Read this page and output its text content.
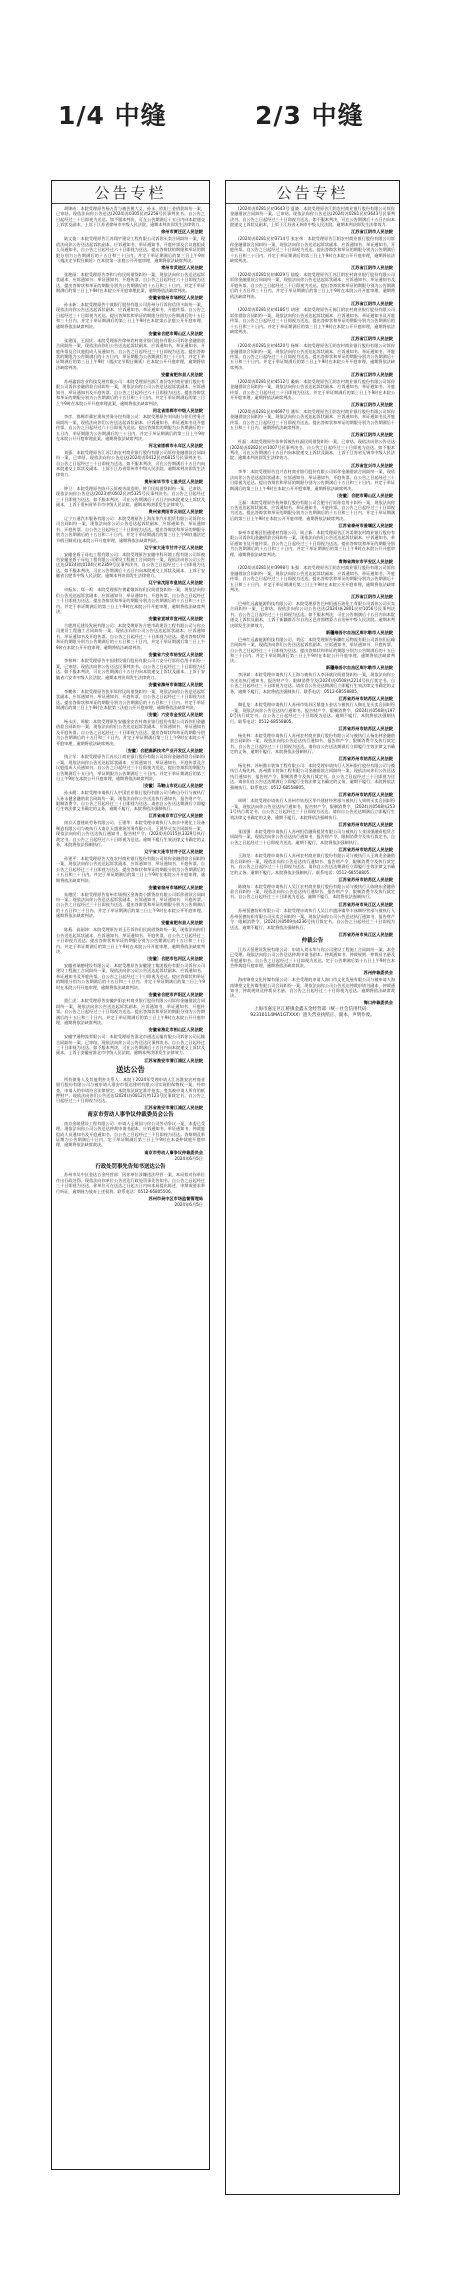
1/4 中缝	2/3 中缝
公告专栏

胡锦成：本院受理原告杨万青与被告黄大义、孙永、欧阳三金借款纠纷一案，已审结。现依法向你公告送达(2024)苏0305民初2258号民事判决书。自公告之日起经过三十日即视为送达。如不服本判决，可在公告期满后十五日内向本院递交上诉状及副本，上诉于江苏省徐州市中级人民法院。逾期本判决即发生法律效力。

徐州市贾汪区人民法院

陆文俊：本院受理原告江苏翔宇建设工程有限公司诉你买卖合同纠纷一案，现依法向你公告送达起诉状副本、应诉通知书、举证通知书、开庭传票及合议庭组成人员通知书。自公告之日起经过六十日即视为送达。提出答辩状的期限和举证的期限分别为公告期满后的十五日和三十日内。并定于举证期满后的第三日上午9时（遇法定节假日顺延）在本院第一法庭公开开庭审理，逾期将依法缺席判决。

常州市武进区人民法院

张艳丽：本院受理原告李和与你民间借贷纠纷一案，现依法向你公告送达起诉状副本、应诉通知书、举证通知书、开庭传票。自公告之日起经过六十日即视为送达。提出答辩状和举证的期限分别为公告期满后的十五日和三十日内。并定于举证期满后的第三日上午9时在本院公开开庭审理此案，逾期将依法缺席判决。

安徽省宿州市埇桥区人民法院

孙永新：本院受理原告宁波银行股份有限公司苏州分行诉你信用卡纠纷一案，现依法向你公告送达起诉状副本、应诉通知书、举证通知书、开庭传票。自公告之日起经过三十日即视为送达。提出答辩状和举证的期限分别为公告期满后的十五日和三十日内。并定于举证期满后的第三日上午9时在本院第五法庭公开开庭审理，逾期将依法缺席判决。

安徽省合肥市蜀山区人民法院

张建国、王国庆：本院受理原告徐州农村商业银行股份有限公司诉你金融借款合同纠纷一案，现依法向你们公告送达起诉状副本、应诉通知书、举证通知书、开庭传票及合议庭组成人员通知书。自公告之日起经过三十日即视为送达。提出答辩状的期限为公告期满后的十五日内，举证期限为公告期满后的三十日内，并定于举证期满后的第三日上午9时（遇法定节假日顺延）在本院公开开庭审理，逾期将依法缺席判决。

安徽省肥东县人民法院

苏州鑫润农业科技发展有限公司：本院受理原告浙江南浔农村商业银行股份有限公司诉你金融借款合同纠纷一案，现依法向你公司公告送达起诉状副本、应诉通知书、举证通知书及开庭传票。自公告之日起经过六十日即视为送达。提出答辩状和举证的期限分别为公告期满后的十五日和三十日内。并定于举证期满后的第三日上午9时在本院公开开庭审理此案，逾期将依法缺席判决。

河北省邯郸市中级人民法院

李彦、邯郸市冀宏建筑劳务分包有限公司：本院受理原告刘凤阳与你们劳务合同纠纷一案，现依法向你们公告送达起诉状副本、应诉通知书、举证通知书及开庭传票。自公告之日起经过六十日即视为送达。提出答辩状的期限为公告期满后的十五日内，举证期限为公告期满后的三十日内。并定于举证期满后的第三日上午9时在本院公开开庭审理此案，逾期将依法缺席判决。

河北省邯郸市永年区人民法院

刘强：本院受理原告江苏江南农村商业银行股份有限公司诉你金融借款合同纠纷一案，已审结。现依法向你公告送达(2024)苏0412民初6815号民事判决书。自公告之日起经过三十日即视为送达。如不服本判决，可在公告期满后十五日内向本院递交上诉状及副本，上诉于江苏省常州市中级人民法院。逾期本判决即发生法律效力。

贵州省毕节市七星关区人民法院

钟卫：本院受理原告陈开云诉被告高浩明、钟卫民间借贷纠纷一案，已审结。现依法向你公告送达(2023)黔0502民初5325号民事判决书。自公告之日起经过三十日即视为送达。如不服本判决，可在公告期满后十五日内向本院递交上诉状及副本，上诉于贵州省毕节市中级人民法院。逾期本判决即发生法律效力。

贵州省贵阳市云岩区人民法院

辽宁万通汽车服务有限公司：本院受理原告上海东华汽车租赁有限公司诉你公司合同纠纷一案，现依法向你公司公告送达起诉状副本、应诉通知书、举证通知书、开庭传票。自公告之日起经过三十日即视为送达。提出答辩状和举证的期限分别为公告期满后的十五日和二十日内。并定于举证期满后的第三日上午9时(遇法定节假日顺延)在本院公开开庭审理，逾期将依法缺席判决。

辽宁省大连市甘井子区人民法院

安徽金盾子母电工程有限公司：本院受理原告安徽中科环境工程有限公司诉被告安徽金盾子母电工程有限公司建设工程施工合同纠纷一案，现依法向你公司公告送达(2024)皖0104民初2359号民事判决书。自公告之日起经过三十日即视为送达。如不服本判决，可在公告期满后十五日内向本院递交上诉状及副本，上诉于安徽省合肥市中级人民法院。逾期本判决即发生法律效力。

辽宁省沈阳市皇姑区人民法院

卓振东、郑一鸣：本院受理原告黄素娥诉你们民间借贷纠纷一案，现依法向你们公告送达起诉状副本、应诉通知书、举证通知书、开庭传票。自公告之日起经过三十日即视为送达。提出答辩状和举证的期限分别为公告期满后的十五日和三十日内。并定于举证期满后的第三日上午9时在本院公开开庭审理，逾期将依法缺席判决。

安徽省宣城市宣州区人民法院

合肥鸿运建设发展有限公司：本院受理原告合肥市政建设工程有限公司与你公司建设工程施工合同纠纷一案，现依法向你公司公告送达起诉状副本、应诉通知书、举证通知书及开庭传票。自公告之日起经过三十日即视为送达。提出答辩状和举证的期限分别为公告期满后的十五日和三十日内，并定于举证期满后第三日上午9时在本院公开开庭审理，逾期将依法缺席判决。

安徽省六安市裕安区人民法院

李春林：本院受理原告中国建设银行股份有限公司六安分行诉你信用卡纠纷一案，已审结。现依法向你公告送达民事判决书。自公告之日起经过三十日即视为送达。如不服本判决，可在公告期满后十五日内向本院递交上诉状及副本，上诉于安徽省六安市中级人民法院。逾期本判决即发生法律效力。

安徽省滁州市南谯区人民法院

李鹏伟：本院受理原告张军诉你民间借贷纠纷一案，现依法向你公告送达起诉状副本、应诉通知书、举证通知书、开庭传票。自公告之日起经过三十日即视为送达。提出答辩状和举证的期限分别为公告期满后的十五日和三十日内。并定于举证期满后的第三日上午9时在本院第三法庭公开开庭审理，逾期将依法缺席判决。

〔安徽〕六安市金安区人民法院

杨永庆、周敏：本院受理原告安徽金安农村商业银行股份有限公司诉你们金融借款合同纠纷一案，现依法向你们公告送达起诉状副本、应诉通知书、举证通知书及开庭传票。自公告之日起经过三十日即视为送达。提出答辩状和举证的期限分别为公告期满后的十五日和三十日内。并定于举证期满后第三日上午9时在本院公开开庭审理，逾期将依法缺席判决。

〔安徽〕合肥高新技术产业开发区人民法院

钱立军：本院受理原告江苏长江商业银行股份有限公司诉你金融借款合同纠纷一案，现依法向你公告送达起诉状副本、应诉通知书、举证通知书、开庭传票及合议庭组成人员通知书。自公告之日起经过三十日即视为送达。提出答辩状的期限为公告期满后十五日内，举证期限为公告期满后三十日内。并定于举证期满后的第三日上午9时在本院公开开庭审理，逾期将依法缺席判决。

〔安徽〕马鞍山市花山区人民法院

孙永健：本院受理申请执行人中国农业银行股份有限公司马鞍山分行与被执行人孙永健金融借款合同纠纷一案，现依法向你公告送达执行通知书、报告财产令、限制消费令。自公告之日起经过三十日即视为送达。请你自公告送达期满后立即履行生效法律文书确定的义务，逾期不履行，本院将依法强制执行。

江苏省南京市江宁区人民法院

南京天盛建筑劳务有限公司、王建华：本院受理申请执行人南京中建化工设备制造有限公司与被执行人南京天盛建筑劳务有限公司、王建华买卖合同纠纷一案，现依法向你们公告送达执行通知书、报告财产令、(2024)苏0115执3329号执行裁定书。自公告之日起经过六十日即视为送达。逾期不履行生效法律文书确定的义务，本院将依法强制执行。

辽宁省大连市甘井子区人民法院

孙建平：本院受理原告大连农村商业银行股份有限公司诉你金融借款合同纠纷一案，现依法向你公告送达起诉状副本、应诉通知书、举证通知书、开庭传票。自公告之日起经过三十日即视为送达。提出答辩状和举证的期限分别为公告期满后的十五日和三十日内。并定于举证期满后的第三日上午9时在本院公开开庭审理，逾期将依法缺席判决。

安徽省宿州市埇桥区人民法院

朱德民：本院受理原告宿州市埇桥区金海湾小额贷款有限公司诉你借款合同纠纷一案，现依法向你公告送达起诉状副本、应诉通知书、举证通知书、开庭传票。自公告之日起经过三十日即视为送达。提出答辩状和举证的期限分别为公告期满后的十五日和三十日内。并定于举证期满后的第三日上午9时在本院公开开庭审理，逾期将依法缺席判决。

安徽省肥东县人民法院

陈燕、高丽坤：本院受理原告刘玉芬诉你们民间借贷纠纷一案，现依法向你们公告送达起诉状副本、应诉通知书、举证通知书、开庭传票。自公告之日起经过三十日即视为送达。提出答辩状和举证的期限分别为公告期满后的十五日和三十日内。并定于举证期满后的第三日上午9时在本院公开开庭审理，逾期将依法缺席判决。

〔安徽〕合肥市包河区人民法院

安徽省瑞德建设有限公司：本院受理原告安徽建工集团股份有限公司诉你公司建设工程施工合同纠纷一案，现依法向你公司公告送达起诉状副本、应诉通知书、举证通知书及开庭传票。自公告之日起经过三十日即视为送达。提出答辩状和举证的期限分别为公告期满后的十五日和三十日内。并定于举证期满后的第三日上午9时在本院公开开庭审理，逾期将依法缺席判决。

安徽省合肥市庐阳区人民法院

贾仁虎：本院受理原告安徽庐阳农村商业银行股份有限公司诉你金融借款合同纠纷一案，现依法向你公告送达起诉状副本、应诉通知书、举证通知书、开庭传票。自公告之日起经过三十日即视为送达。提出答辩状和举证的期限分别为公告期满后的十五日和三十日内。并定于举证期满后的第三日上午9时在本院公开开庭审理，逾期将依法缺席判决。

安徽省淮北市相山区人民法院

安徽宇通物流有限公司：本院受理原告淮北市通达运输有限公司诉你公司运输合同纠纷一案，已审结。现依法向你公司公告送达民事判决书。自公告之日起经过三十日即视为送达。如不服本判决，可在公告期满后十五日内向本院递交上诉状及副本，上诉于安徽省淮北市中级人民法院。逾期本判决即发生法律效力。

江苏省淮安市清江浦区人民法院

送达公告

所有债务人及其他利害关系人：本院于2024年受理申请人江苏淮安农村商业银行股份有限公司与被申请人淮安市恒达建材有限公司实现担保物权一案，经审查，申请人的申请符合法律规定，本院依法裁定准许拍卖、变卖被申请人所有的抵押财产。现依法向你们公告送达(2024)苏0812民特123号民事裁定书。自公告之日起经过三十日即视为送达。

江苏省淮安市清江浦区人民法院

南京市劳动人事争议仲裁委员会公告

南京金陵建设工程有限公司：申请人王建国与你公司劳动争议一案，本委已受理。现依法向你公司公告送达仲裁申请书副本、应诉通知书、举证通知书、仲裁庭组成人员通知书及开庭通知书。自公告之日起经过三十日即视为送达。答辩期及举证期为公告期满后十日内，定于举证期满后第三日上午9时在本委仲裁庭开庭审理，逾期将依法缺席裁决。

南京市劳动人事争议仲裁委员会

2024年6月5日

行政处罚事先告知书送达公告

苏州市吴中区金达五金经营部：因你单位涉嫌违法经营一案，本局拟对你单位作出行政处罚。现依法向你单位公告送达行政处罚事先告知书。自公告之日起经过三十日即视为送达。你单位可在送达之日起五日内向本局提出陈述、申辩或要求举行听证，逾期视为放弃上述权利。联系电话：0512-66805506。

苏州市吴中区市场监督管理局

2024年6月5日

公告专栏

(2024)苏0281民初3643号 夏晓：本院受理原告江阴农村商业银行股份有限公司诉你金融借款合同纠纷一案，已审结。现依法向你公告送达(2024)苏0281民初3643号民事判决书。自公告之日起经过三十日即视为送达。如不服本判决，可在公告期满后十五日内向本院递交上诉状及副本，上诉于江苏省无锡市中级人民法院。逾期本判决即发生法律效力。

江苏省江阴市人民法院

(2024)苏0281民初3714号 张宏伟：本院受理原告江阴农村商业银行股份有限公司诉你金融借款合同纠纷一案，现依法向你公告送达起诉状副本、应诉通知书、举证通知书、开庭传票。自公告之日起经过三十日即视为送达。提出答辩状和举证的期限分别为公告期满后十五日和三十日内。并定于举证期满后的第三日上午9时在本院公开开庭审理，逾期将依法缺席判决。

江苏省江阴市人民法院

(2024)苏0281民初4029号 陆俊：本院受理原告江苏江阴农村商业银行股份有限公司诉你金融借款合同纠纷一案，现依法向你公告送达起诉状副本、应诉通知书、举证通知书及开庭传票。自公告之日起经过三十日即视为送达。提出答辩状和举证的期限分别为公告期满后的十五日和三十日内。并定于举证期满后的第三日上午9时在本院公开开庭审理，逾期将依法缺席判决。

江苏省江阴市人民法院

(2024)苏0281民初4186号 胡建：本院受理原告无锡江阴农村商业银行股份有限公司诉你借款合同纠纷一案，现依法向你公告送达起诉状副本、应诉通知书、举证通知书及开庭传票。自公告之日起经过三十日即视为送达。提出答辩状和举证的期限分别为公告期满后的十五日和三十日内。并定于举证期满后的第三日上午9时在本院公开开庭审理，逾期将依法缺席判决。

江苏省江阴市人民法院

(2024)苏0281民初4420号 杨辉：本院受理原告江阴农村商业银行股份有限公司诉你金融借款合同纠纷一案，现依法向你公告送达起诉状副本、应诉通知书、举证通知书、开庭传票。自公告之日起经过三十日即视为送达。提出答辩状和举证的期限分别为公告期满后十五日和三十日内。并定于举证期满后的第三日上午9时在本院公开开庭审理，逾期将依法缺席判决。

江苏省江阴市人民法院

(2024)苏0281民初4512号 戴新：本院受理原告江阴农村商业银行股份有限公司诉你金融借款合同纠纷一案，现依法向你公告送达起诉状副本、应诉通知书、举证通知书、开庭传票。自公告之日起经过三十日即视为送达。并定于举证期满后的第三日上午9时在本院公开开庭审理，逾期将依法缺席判决。

江苏省江阴市人民法院

(2024)苏0281民初4697号 潘军：本院受理原告江阴农村商业银行股份有限公司诉你金融借款合同纠纷一案，现依法向你公告送达起诉状副本、应诉通知书、举证通知书及开庭传票。自公告之日起经过三十日即视为送达。提出答辩状和举证的期限分别为公告期满后十五日和三十日内。逾期将依法缺席判决。

江苏省江阴市人民法院

杜磊：本院受理原告张伟诉被告杜磊民间借贷纠纷一案，已审结。现依法向你公告送达(2024)苏0282民初1007号民事判决书。自公告之日起经过三十日即视为送达。如不服本判决，可在公告期满后十五日内向本院递交上诉状及副本，上诉于江苏省无锡市中级人民法院。逾期本判决即发生法律效力。

江苏省宜兴市人民法院

李华：本院受理原告宜兴农村商业银行股份有限公司诉你金融借款合同纠纷一案，现依法向你公告送达起诉状副本、应诉通知书、举证通知书、开庭传票。自公告之日起经过三十日即视为送达。提出答辩状和举证的期限分别为公告期满后十五日和三十日内。并定于举证期满后的第三日上午9时在本院公开开庭审理，逾期将依法缺席判决。

〔安徽〕合肥市蜀山区人民法院

王磊：本院受理原告杭州银行股份有限公司合肥分行诉你信用卡纠纷一案，现依法向你公告送达起诉状副本、应诉通知书、举证通知书、开庭传票。自公告之日起经过三十日即视为送达。提出答辩状和举证的期限分别为公告期满后的十五日和三十日内。并定于举证期满后的第三日上午9时在本院公开开庭审理，逾期将依法缺席判决。

江苏省泰州市姜堰区人民法院

泰州市姜堰区恒通建材有限公司、周立新：本院受理原告江苏姜堰农村商业银行股份有限公司诉你们金融借款合同纠纷一案，现依法向你们公告送达起诉状副本、应诉通知书、举证通知书及开庭传票。自公告之日起经过三十日即视为送达。提出答辩状和举证的期限分别为公告期满后的十五日和三十日内。并定于举证期满后的第三日上午9时在本院公开开庭审理，逾期将依法缺席判决。

青海省海东市平安区人民法院

(2024)苏0281民初3998号 朱强：本院受理原告江阴农村商业银行股份有限公司诉你金融借款合同纠纷一案，现依法向你公告送达起诉状副本、应诉通知书、举证通知书、开庭传票。自公告之日起经过三十日即视为送达。提出答辩状和举证的期限分别为公告期满后十五日和三十日内。并定于举证期满后第三日上午9时在本院公开开庭审理，逾期将依法缺席判决。

江苏省江阴市人民法院

巴州红远鑫能源科技有限公司：本院受理原告巴州恒通石油化工有限公司诉你公司买卖合同纠纷一案，已审结。现依法向你公司公告送达(2024)新2801民初1056号民事判决书。自公告之日起经过三十日即视为送达。如不服本判决，可在公告期满后十五日内向本院递交上诉状及副本，上诉于新疆维吾尔自治区巴音郭楞蒙古自治州中级人民法院。逾期本判决即发生法律效力。

新疆维吾尔自治区库尔勒市人民法院

巴州红远鑫能源科技有限公司、刘远：本院受理原告新疆红远物流有限公司诉你们运输合同纠纷一案，现依法向你们公告送达起诉状副本、应诉通知书、举证通知书、开庭传票。自公告之日起经过三十日即视为送达。提出答辩状和举证的期限分别为公告期满后的十五日和三十日内。并定于举证期满后第三日上午9时在本院公开开庭审理，逾期将依法缺席判决。

新疆维吾尔自治区库尔勒市人民法院

李泽斌：本院受理申请执行人王海与被执行人李泽斌民间借贷纠纷一案，现依法向你公告送达执行通知书、报告财产令、限制消费令及(2024)苏0508执2214号执行裁定书。自公告之日起经过三十日即视为送达。请你自公告送达期满后立即履行生效法律文书确定的义务，逾期不履行，本院将依法强制执行。联系电话：0512-68558805。

江苏省苏州市姑苏区人民法院

陶礼龙：本院受理申请执行人苏州市姑苏区鼎盛五金店与被执行人陶礼龙买卖合同纠纷一案，现依法向你公告送达执行通知书、报告财产令、限制消费令、(2024)苏0508执1970号执行裁定书。自公告之日起经过三十日即视为送达。逾期不履行，本院将依法强制执行。联系电话：0512-68558805。

江苏省苏州市姑苏区人民法院

杨先林：本院受理申请执行人苏州农村商业银行股份有限公司与被执行人杨先林金融借款合同纠纷一案，现依法向你公告送达执行通知书、报告财产令、限制消费令及执行裁定书。自公告之日起经过三十日即视为送达。请你自公告送达期满后立即履行生效法律文书确定的义务，逾期不履行，本院将依法强制执行。

江苏省苏州市姑苏区人民法院

杨先林、苏州鼎丰装饰工程有限公司：本院受理申请执行人苏州银行股份有限公司与被执行人杨先林、苏州鼎丰装饰工程有限公司金融借款合同纠纷一案，现依法向你们公告送达执行通知书、报告财产令、限制消费令及执行裁定书。自公告之日起经过三十日即视为送达。请你们自公告送达期满后立即履行生效法律文书确定的义务，逾期不履行，本院将依法强制执行。联系电话：0512-68558805。

江苏省苏州市姑苏区人民法院

周明：本院受理申请执行人苏州市姑苏区华兴建材经营部与被执行人周明买卖合同纠纷一案，现依法向你公告送达执行通知书、报告财产令、限制消费令、(2024)苏0508执2531号执行裁定书。自公告之日起经过三十日即视为送达。请你自公告送达期满后立即履行生效法律文书确定的义务，逾期不履行，本院将依法强制执行。

江苏省苏州市姑苏区人民法院

张国强：本院受理申请执行人苏州恒信融资租赁有限公司与被执行人张国强融资租赁合同纠纷一案，现依法向你公告送达执行通知书、报告财产令、限制消费令及执行裁定书。自公告之日起经过三十日即视为送达。逾期不履行，本院将依法强制执行。

江苏省苏州市姑苏区人民法院

王海龙：本院受理申请执行人苏州农村商业银行股份有限公司与被执行人王海龙金融借款合同纠纷一案，现依法向你公告送达执行通知书、报告财产令、限制消费令及执行裁定书。自公告之日起经过三十日即视为送达。请你自公告送达期满后立即履行生效法律文书确定的义务，逾期不履行，本院将依法强制执行。联系电话：0512-68558805。

江苏省苏州市姑苏区人民法院

陈晓东：本院受理申请执行人吴江农村商业银行股份有限公司与被执行人陈晓东金融借款合同纠纷一案，现依法向你公告送达执行通知书、报告财产令、限制消费令及执行裁定书。自公告之日起经过三十日即视为送达。逾期不履行，本院将依法强制执行。

江苏省苏州市吴江区人民法院

苏州恒德纺织有限公司：本院受理申请执行人吴江市盛泽镇华丰丝绸经营部与被执行人苏州恒德纺织有限公司买卖合同纠纷一案，现依法向你公司公告送达执行通知书、报告财产令、限制消费令、(2024)苏0509执4236号执行裁定书。自公告之日起经过三十日即视为送达。逾期不履行，本院将依法强制执行。

江苏省苏州市吴江区人民法院

仲裁公告

江苏天恒建设发展有限公司：申请人刘永华与你公司建设工程施工合同纠纷一案，本会已受理。现依法向你公司公告送达仲裁申请书副本、仲裁通知书、仲裁规则、仲裁员名册及开庭通知书。自公告之日起经过三十日即视为送达。定于公告期满后第十五日上午9时在本会仲裁庭开庭审理，逾期将依法缺席裁决。

苏州仲裁委员会

海南锦豪文化传媒有限公司：本会受理的申请人海口市文化发展有限公司与被申请人海南锦豪文化传媒有限公司合同纠纷一案，现依法向你公司公告送达仲裁申请书副本、仲裁通知书、仲裁规则及仲裁员名册。自公告之日起经过三十日即视为送达。逾期将依法缺席裁决。

海口仲裁委员会

上海市嘉定区江桥镇金鑫五金经营部（统一社会信用代码：92310114MA1GTXXX）遗失营业执照正、副本，声明作废。
